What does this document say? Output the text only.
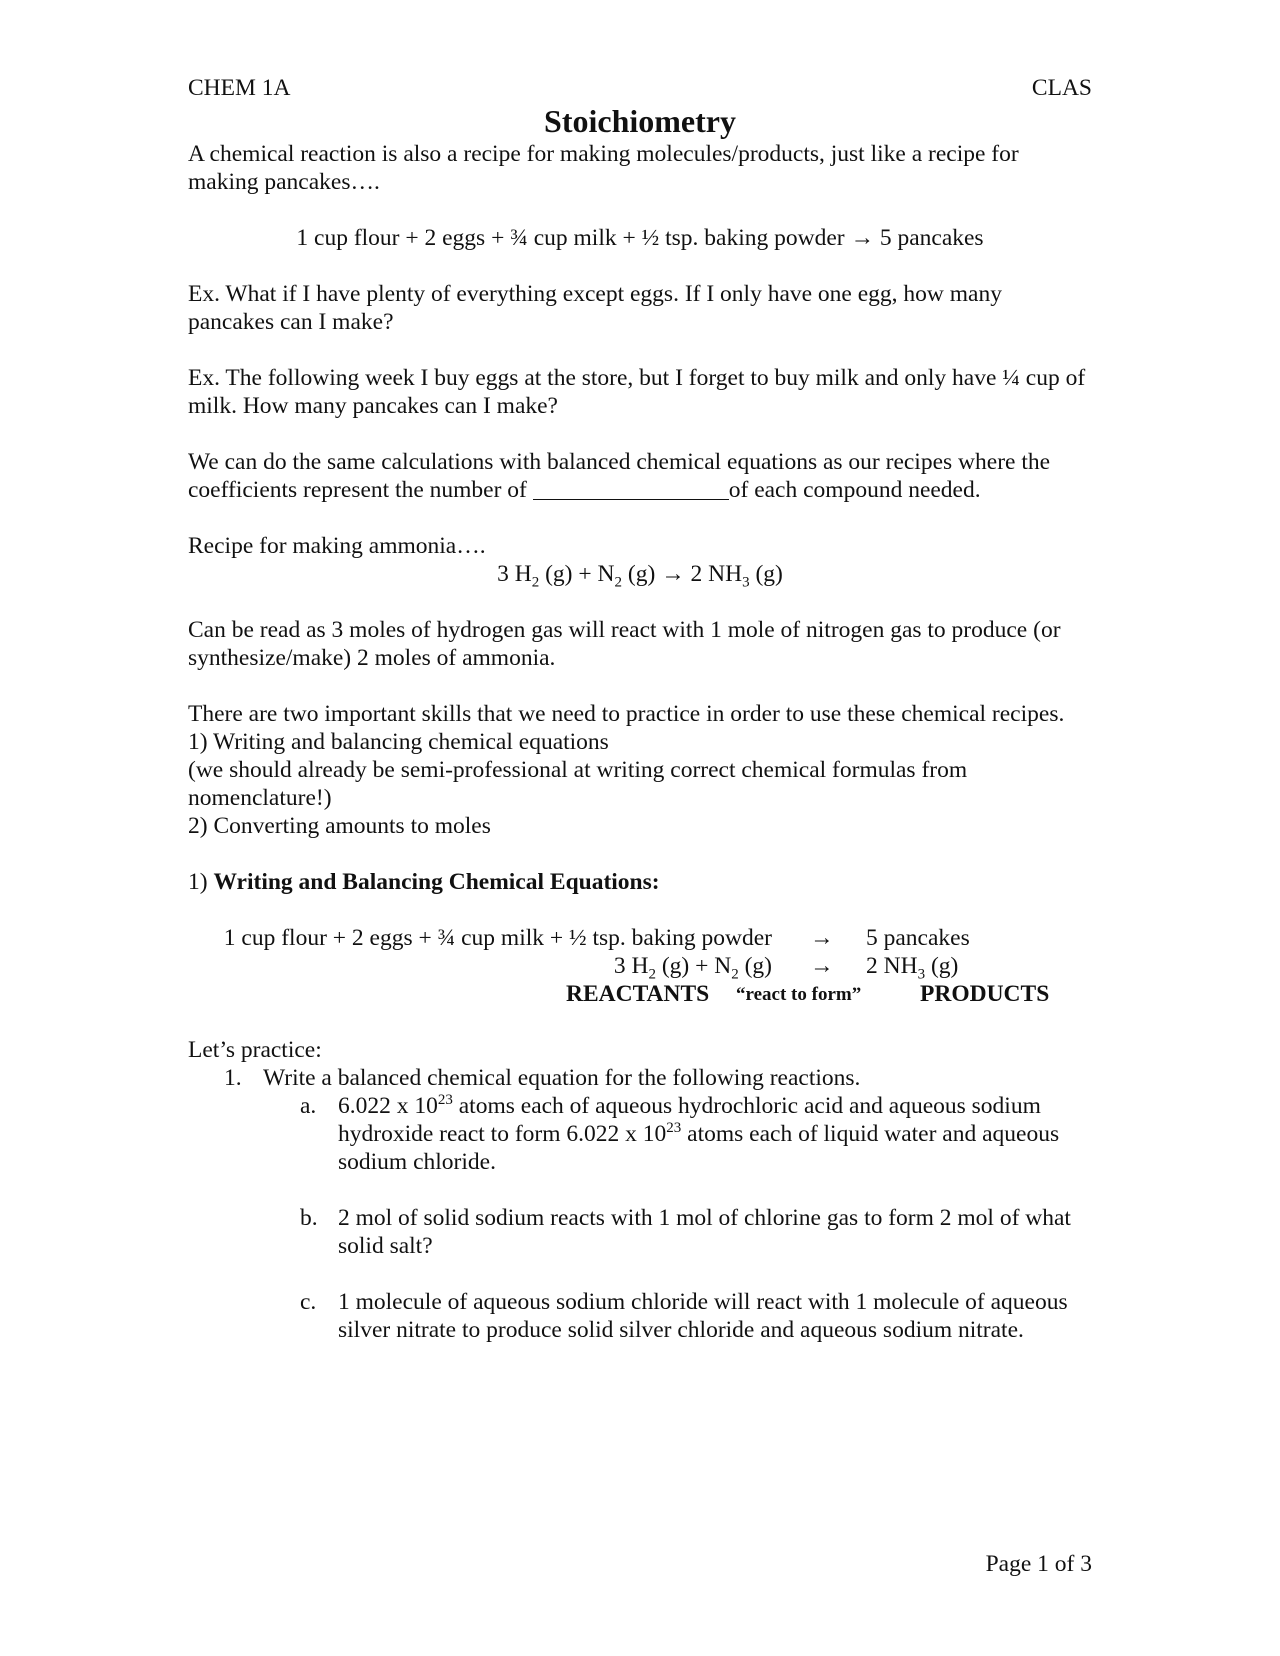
CHEM 1A	CLAS
Stoichiometry

A chemical reaction is also a recipe for making molecules/products, just like a recipe for making pancakes….

1 cup flour + 2 eggs + ¾ cup milk + ½ tsp. baking powder → 5 pancakes

Ex. What if I have plenty of everything except eggs. If I only have one egg, how many pancakes can I make?

Ex. The following week I buy eggs at the store, but I forget to buy milk and only have ¼ cup of milk. How many pancakes can I make?

We can do the same calculations with balanced chemical equations as our recipes where the coefficients represent the number of	of each compound needed.

Recipe for making ammonia….

3 $H_2$ $(g) + N_2$ (g) → 2 $NH_3$ (g)

Can be read as 3 moles of hydrogen gas will react with 1 mole of nitrogen gas to produce (or synthesize/make) 2 moles of ammonia.

There are two important skills that we need to practice in order to use these chemical recipes.

1) Writing and balancing chemical equations

(we should already be semi-professional at writing correct chemical formulas from nomenclature!)

2) Converting amounts to moles

1) Writing and Balancing Chemical Equations:

1 cup flour + 2 eggs + ¾ cup milk + ½ tsp. baking powder → 5 pancakes
3 $H_2$ $(g) + N_2$ (g) → 2 $NH_3$ (g)
REACTANTS “react to form”	PRODUCTS

Let’s practice:

1. Write a balanced chemical equation for the following reactions.
a. 6.022 x $10^{23}$ atoms each of aqueous hydrochloric acid and aqueous sodium hydroxide react to form 6.022 x $10^{23}$ atoms each of liquid water and aqueous sodium chloride.

b. 2 mol of solid sodium reacts with 1 mol of chlorine gas to form 2 mol of what solid salt?

c. 1 molecule of aqueous sodium chloride will react with 1 molecule of aqueous silver nitrate to produce solid silver chloride and aqueous sodium nitrate.

Page 1 of 3
